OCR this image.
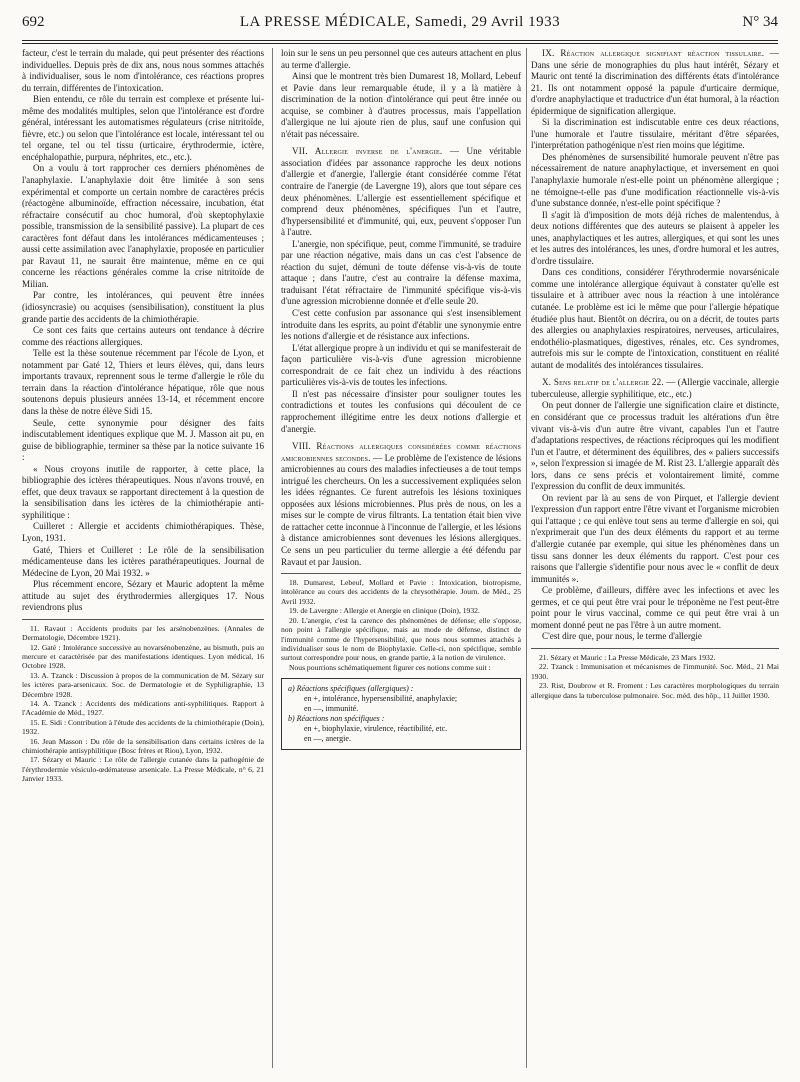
692	LA PRESSE MÉDICALE, Samedi, 29 Avril 1933	N° 34

facteur, c'est le terrain du malade, qui peut présenter des réactions individuelles. Depuis près de dix ans, nous nous sommes attachés à individualiser, sous le nom d'intolérance, ces réactions propres du terrain, différentes de l'intoxication.

Bien entendu, ce rôle du terrain est complexe et présente lui-même des modalités multiples, selon que l'intolérance est d'ordre général, intéressant les automatismes régulateurs (crise nitritoïde, fièvre, etc.) ou selon que l'intolérance est locale, intéressant tel ou tel organe, tel ou tel tissu (urticaire, érythrodermie, ictère, encéphalopathie, purpura, néphrites, etc., etc.).

On a voulu à tort rapprocher ces derniers phénomènes de l'anaphylaxie. L'anaphylaxie doit être limitée à son sens expérimental et comporte un certain nombre de caractères précis (réactogène albuminoïde, effraction nécessaire, incubation, état réfractaire consécutif au choc humoral, d'où skeptophylaxie possible, transmission de la sensibilité passive). La plupart de ces caractères font défaut dans les intolérances médicamenteuses ; aussi cette assimilation avec l'anaphylaxie, proposée en particulier par Ravaut 11, ne saurait être maintenue, même en ce qui concerne les réactions générales comme la crise nitritoïde de Milian.

Par contre, les intolérances, qui peuvent être innées (idiosyncrasie) ou acquises (sensibilisation), constituent la plus grande partie des accidents de la chimiothérapie.

Ce sont ces faits que certains auteurs ont tendance à décrire comme des réactions allergiques.

Telle est la thèse soutenue récemment par l'école de Lyon, et notamment par Gaté 12, Thiers et leurs élèves, qui, dans leurs importants travaux, reprennent sous le terme d'allergie le rôle du terrain dans la réaction d'intolérance hépatique, rôle que nous soutenons depuis plusieurs années 13-14, et récemment encore dans la thèse de notre élève Sidi 15.

Seule, cette synonymie pour désigner des faits indiscutablement identiques explique que M. J. Masson ait pu, en guise de bibliographie, terminer sa thèse par la notice suivante 16 :

« Nous croyons inutile de rapporter, à cette place, la bibliographie des ictères thérapeutiques. Nous n'avons trouvé, en effet, que deux travaux se rapportant directement à la question de la sensibilisation dans les ictères de la chimiothérapie anti-syphilitique :

Cuilleret : Allergie et accidents chimiothérapiques. Thèse, Lyon, 1931.

Gaté, Thiers et Cuilleret : Le rôle de la sensibilisation médicamenteuse dans les ictères parathérapeutiques. Journal de Médecine de Lyon, 20 Mai 1932. »

Plus récemment encore, Sézary et Mauric adoptent la même attitude au sujet des érythrodermies allergiques 17. Nous reviendrons plus

11. Ravaut : Accidents produits par les arsénobenzènes. (Annales de Dermatologie, Décembre 1921).
12. Gaté : Intolérance successive au novarsénobenzène, au bismuth, puis au mercure et caractérisée par des manifestations identiques. Lyon médical, 16 Octobre 1928.
13. A. Tzanck : Discussion à propos de la communication de M. Sézary sur les ictères para-arsenicaux. Soc. de Dermatologie et de Syphiligraphie, 13 Décembre 1928.
14. A. Tzanck : Accidents des médications anti-syphilitiques. Rapport à l'Académie de Méd., 1927.
15. E. Sidi : Contribution à l'étude des accidents de la chimiothérapie (Doin), 1932.
16. Jean Masson : Du rôle de la sensibilisation dans certains ictères de la chimiothérapie antisyphilitique (Bosc frères et Riou), Lyon, 1932.
17. Sézary et Mauric : Le rôle de l'allergie cutanée dans la pathogénie de l'érythrodermie vésiculo-œdémateuse arsenicale. La Presse Médicale, n° 6, 21 Janvier 1933.

loin sur le sens un peu personnel que ces auteurs attachent en plus au terme d'allergie.

Ainsi que le montrent très bien Dumarest 18, Mollard, Lebeuf et Pavie dans leur remarquable étude, il y a là matière à discrimination de la notion d'intolérance qui peut être innée ou acquise, se combiner à d'autres processus, mais l'appellation d'allergique ne lui ajoute rien de plus, sauf une confusion qui n'était pas nécessaire.

VII. Allergie inverse de l'anergie. — Une véritable association d'idées par assonance rapproche les deux notions d'allergie et d'anergie, l'allergie étant considérée comme l'état contraire de l'anergie (de Lavergne 19), alors que tout sépare ces deux phénomènes. L'allergie est essentiellement spécifique et comprend deux phénomènes, spécifiques l'un et l'autre, d'hypersensibilité et d'immunité, qui, eux, peuvent s'opposer l'un à l'autre.

L'anergie, non spécifique, peut, comme l'immunité, se traduire par une réaction négative, mais dans un cas c'est l'absence de réaction du sujet, démuni de toute défense vis-à-vis de toute attaque ; dans l'autre, c'est au contraire la défense maxima, traduisant l'état réfractaire de l'immunité spécifique vis-à-vis d'une agression microbienne donnée et d'elle seule 20.

C'est cette confusion par assonance qui s'est insensiblement introduite dans les esprits, au point d'établir une synonymie entre les notions d'allergie et de résistance aux infections.

L'état allergique propre à un individu et qui se manifesterait de façon particulière vis-à-vis d'une agression microbienne correspondrait de ce fait chez un individu à des réactions particulières vis-à-vis de toutes les infections.

Il n'est pas nécessaire d'insister pour souligner toutes les contradictions et toutes les confusions qui découlent de ce rapprochement illégitime entre les deux notions d'allergie et d'anergie.

VIII. Réactions allergiques considérées comme réactions amicrobiennes secondes. — Le problème de l'existence de lésions amicrobiennes au cours des maladies infectieuses a de tout temps intrigué les chercheurs. On les a successivement expliquées selon les idées régnantes. Ce furent autrefois les lésions toxiniques opposées aux lésions microbiennes. Plus près de nous, on les a mises sur le compte de virus filtrants. La tentation était bien vive de rattacher cette inconnue à l'inconnue de l'allergie, et les lésions à distance amicrobiennes sont devenues les lésions allergiques. Ce sens un peu particulier du terme allergie a été défendu par Ravaut et par Jausion.

18. Dumarest, Lebeuf, Mollard et Pavie : Intoxication, biotropisme, intolérance au cours des accidents de la chrysothérapie. Journ. de Méd., 25 Avril 1932.
19. de Lavergne : Allergie et Anergie en clinique (Doin), 1932.
20. L'anergie, c'est la carence des phénomènes de défense; elle s'oppose, non point à l'allergie spécifique, mais au mode de défense, distinct de l'immunité comme de l'hypersensibilité, que nous nous sommes attachés à individualiser sous le nom de Biophylaxie. Celle-ci, non spécifique, semble surtout correspondre pour nous, en grande partie, à la notion de virulence.
Nous pourrions schématiquement figurer ces notions comme suit :
a) Réactions spécifiques (allergiques) :
en +, intolérance, hypersensibilité, anaphylaxie;
en —, immunité.
b) Réactions non spécifiques :
en +, biophylaxie, virulence, réactibilité, etc.
en —, anergie.

IX. Réaction allergique signifiant réaction tissulaire. — Dans une série de monographies du plus haut intérêt, Sézary et Mauric ont tenté la discrimination des différents états d'intolérance 21. Ils ont notamment opposé la papule d'urticaire dermique, d'ordre anaphylactique et traductrice d'un état humoral, à la réaction épidermique de signification allergique.

Si la discrimination est indiscutable entre ces deux réactions, l'une humorale et l'autre tissulaire, méritant d'être séparées, l'interprétation pathogénique n'est rien moins que légitime.

Des phénomènes de sursensibilité humorale peuvent n'être pas nécessairement de nature anaphylactique, et inversement en quoi l'anaphylaxie humorale n'est-elle point un phénomène allergique ; ne témoigne-t-elle pas d'une modification réactionnelle vis-à-vis d'une substance donnée, n'est-elle point spécifique ?

Il s'agit là d'imposition de mots déjà riches de malentendus, à deux notions différentes que des auteurs se plaisent à appeler les unes, anaphylactiques et les autres, allergiques, et qui sont les unes et les autres des intolérances, les unes, d'ordre humoral et les autres, d'ordre tissulaire.

Dans ces conditions, considérer l'érythrodermie novarsénicale comme une intolérance allergique équivaut à constater qu'elle est tissulaire et à attribuer avec nous la réaction à une intolérance cutanée. Le problème est ici le même que pour l'allergie hépatique étudiée plus haut. Bientôt on décrira, ou on a décrit, de toutes parts des allergies ou anaphylaxies respiratoires, nerveuses, articulaires, endothélio-plasmatiques, digestives, rénales, etc. Ces syndromes, autrefois mis sur le compte de l'intoxication, constituent en réalité autant de modalités des intolérances tissulaires.

X. Sens relatif de l'allergie 22. — (Allergie vaccinale, allergie tuberculeuse, allergie syphilitique, etc., etc.)

On peut donner de l'allergie une signification claire et distincte, en considérant que ce processus traduit les altérations d'un être vivant vis-à-vis d'un autre être vivant, capables l'un et l'autre d'adaptations respectives, de réactions réciproques qui les modifient l'un et l'autre, et déterminent des équilibres, des « paliers successifs », selon l'expression si imagée de M. Rist 23. L'allergie apparaît dès lors, dans ce sens précis et volontairement limité, comme l'expression du conflit de deux immunités.

On revient par là au sens de von Pirquet, et l'allergie devient l'expression d'un rapport entre l'être vivant et l'organisme microbien qui l'attaque ; ce qui enlève tout sens au terme d'allergie en soi, qui n'exprimerait que l'un des deux éléments du rapport et au terme d'allergie cutanée par exemple, qui situe les phénomènes dans un tissu sans donner les deux éléments du rapport. C'est pour ces raisons que l'allergie s'identifie pour nous avec le « conflit de deux immunités ».

Ce problème, d'ailleurs, diffère avec les infections et avec les germes, et ce qui peut être vrai pour le tréponème ne l'est peut-être point pour le virus vaccinal, comme ce qui peut être vrai à un moment donné peut ne pas l'être à un autre moment.

C'est dire que, pour nous, le terme d'allergie

21. Sézary et Mauric : La Presse Médicale, 23 Mars 1932.
22. Tzanck : Immunisation et mécanismes de l'immunité. Soc. Méd., 21 Mai 1930.
23. Rist, Doubrow et R. Froment : Les caractères morphologiques du terrain allergique dans la tuberculose pulmonaire. Soc. méd. des hôp., 11 Juillet 1930.
